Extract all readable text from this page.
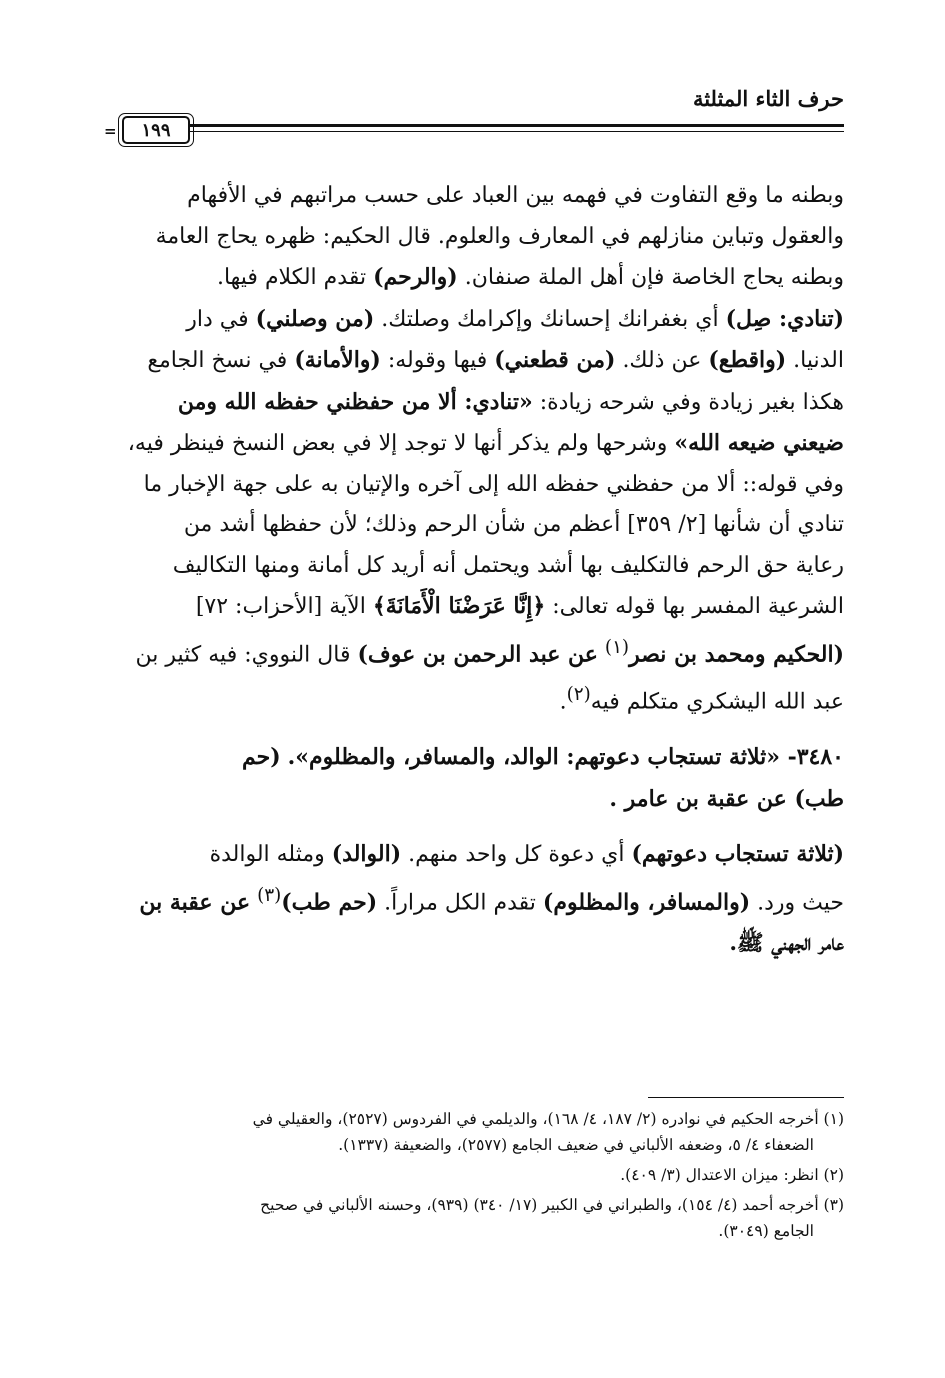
حرف الثاء المثلثة
= ١٩٩

وبطنه ما وقع التفاوت في فهمه بين العباد على حسب مراتبهم في الأفهام
والعقول وتباين منازلهم في المعارف والعلوم. قال الحكيم: ظهره يحاج العامة
وبطنه يحاج الخاصة فإن أهل الملة صنفان. (والرحم) تقدم الكلام فيها.
(تنادي: صِل) أي بغفرانك إحسانك وإكرامك وصلتك. (من وصلني) في دار
الدنيا. (واقطع) عن ذلك. (من قطعني) فيها وقوله: (والأمانة) في نسخ الجامع
هكذا بغير زيادة وفي شرحه زيادة: «تنادي: ألا من حفظني حفظه الله ومن
ضيعني ضيعه الله» وشرحها ولم يذكر أنها لا توجد إلا في بعض النسخ فينظر فيه،
وفي قوله:: ألا من حفظني حفظه الله إلى آخره والإتيان به على جهة الإخبار ما
تنادي أن شأنها [٢/ ٣٥٩] أعظم من شأن الرحم وذلك؛ لأن حفظها أشد من
رعاية حق الرحم فالتكليف بها أشد ويحتمل أنه أريد كل أمانة ومنها التكاليف
الشرعية المفسر بها قوله تعالى: ﴿إِنَّا عَرَضْنَا الْأَمَانَةَ﴾ الآية [الأحزاب: ٧٢]
(الحكيم ومحمد بن نصر$^{(١)}$ عن عبد الرحمن بن عوف) قال النووي: فيه كثير بن
عبد الله اليشكري متكلم فيه$^{(٢)}$.

٣٤٨٠- «ثلاثة تستجاب دعوتهم: الوالد، والمسافر، والمظلوم». (حم
طب) عن عقبة بن عامر .

(ثلاثة تستجاب دعوتهم) أي دعوة كل واحد منهم. (الوالد) ومثله الوالدة
حيث ورد. (والمسافر، والمظلوم) تقدم الكل مراراً. (حم طب)$^{(٣)}$ عن عقبة بن
عامر الجهني ﷺ.

(١) أخرجه الحكيم في نوادره (٢/ ١٨٧، ٤/ ١٦٨)، والديلمي في الفردوس (٢٥٢٧)، والعقيلي في
الضعفاء ٤/ ٥، وضعفه الألباني في ضعيف الجامع (٢٥٧٧)، والضعيفة (١٣٣٧).

(٢) انظر: ميزان الاعتدال (٣/ ٤٠٩).

(٣) أخرجه أحمد (٤/ ١٥٤)، والطبراني في الكبير (١٧/ ٣٤٠) (٩٣٩)، وحسنه الألباني في صحيح
الجامع (٣٠٤٩).
